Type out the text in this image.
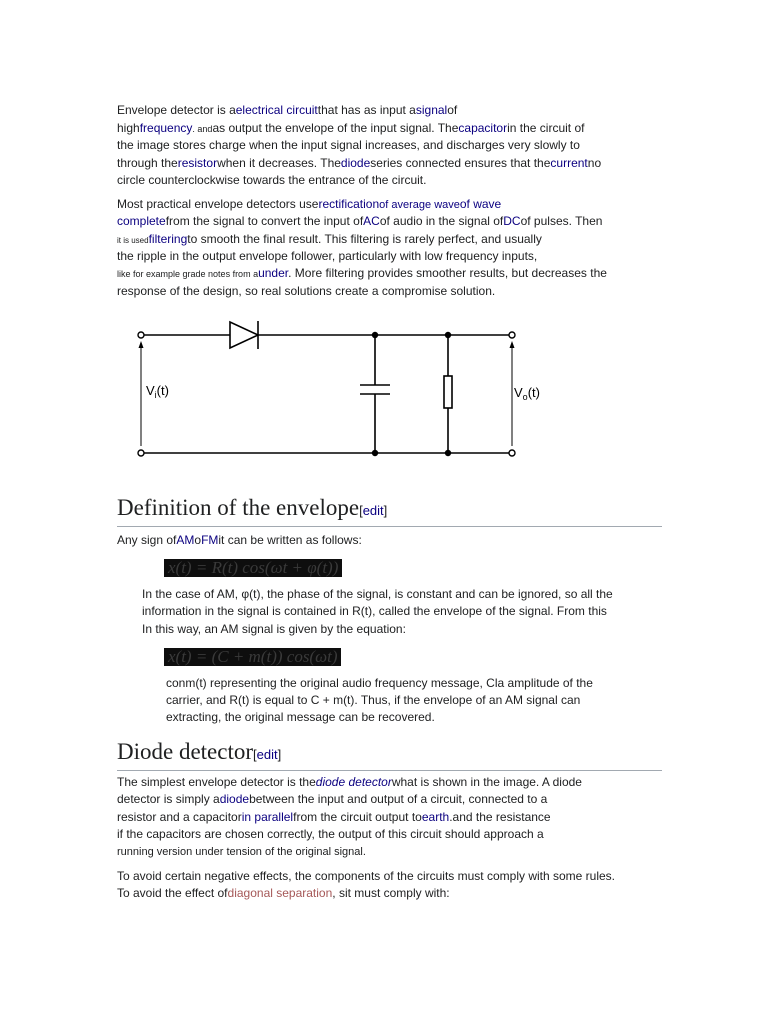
Envelope detector is aelectrical circuitthat has as input asignalof
highfrequency. andas output the envelope of the input signal. Thecapacitorin the circuit of
the image stores charge when the input signal increases, and discharges very slowly to
through theresistorwhen it decreases. Thediodeseries connected ensures that thecurrentno
circle counterclockwise towards the entrance of the circuit.
Most practical envelope detectors userectificationof average waveof wave
completefrom the signal to convert the input ofACof audio in the signal ofDCof pulses. Then
it is usedfilteringto smooth the final result. This filtering is rarely perfect, and usually
the ripple in the output envelope follower, particularly with low frequency inputs,
like for example grade notes from aunder. More filtering provides smoother results, but decreases the
response of the design, so real solutions create a compromise solution.
Definition of the envelope[edit]
Any sign ofAMoFMit can be written as follows:
$V_i(t)$	$V_o(t)$
x(t) = R(t) cos(ωt + φ(t))
In the case of AM, φ(t), the phase of the signal, is constant and can be ignored, so all the
information in the signal is contained in R(t), called the envelope of the signal. From this
In this way, an AM signal is given by the equation:
x(t) = (C + m(t)) cos(ωt)
conm(t) representing the original audio frequency message, Cla amplitude of the
carrier, and R(t) is equal to C + m(t). Thus, if the envelope of an AM signal can
extracting, the original message can be recovered.
Diode detector[edit]
The simplest envelope detector is thediode detectorwhat is shown in the image. A diode
detector is simply adiodebetween the input and output of a circuit, connected to a
resistor and a capacitorin parallelfrom the circuit output toearth.and the resistance
if the capacitors are chosen correctly, the output of this circuit should approach a
running version under tension of the original signal.
To avoid certain negative effects, the components of the circuits must comply with some rules.
To avoid the effect ofdiagonal separation, sit must comply with:
